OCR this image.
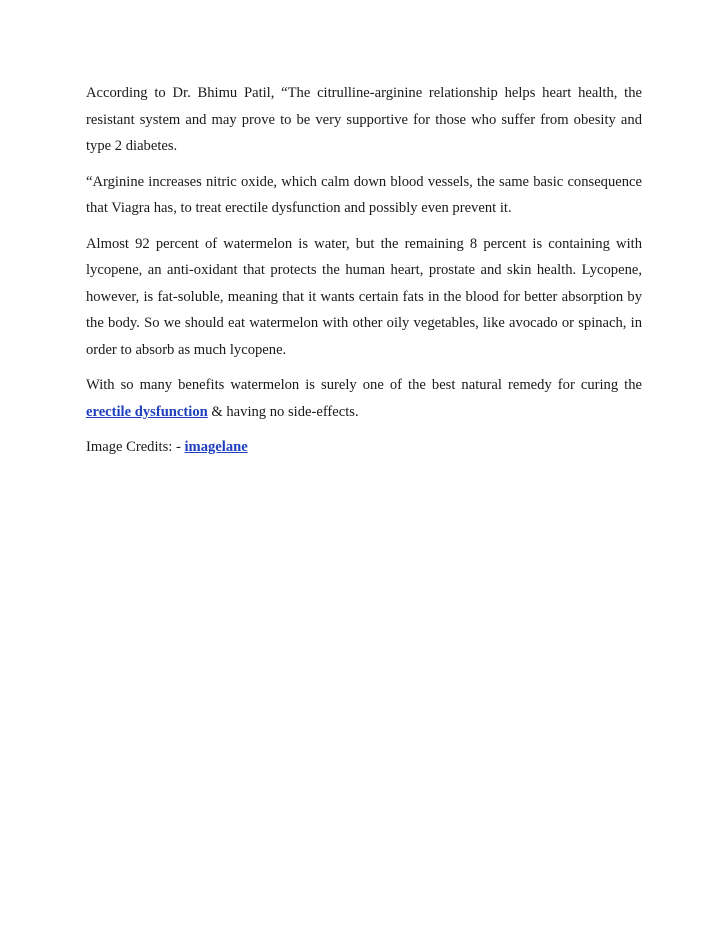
According to Dr. Bhimu Patil, “The citrulline-arginine relationship helps heart health, the resistant system and may prove to be very supportive for those who suffer from obesity and type 2 diabetes.

“Arginine increases nitric oxide, which calm down blood vessels, the same basic consequence that Viagra has, to treat erectile dysfunction and possibly even prevent it.

Almost 92 percent of watermelon is water, but the remaining 8 percent is containing with lycopene, an anti-oxidant that protects the human heart, prostate and skin health. Lycopene, however, is fat-soluble, meaning that it wants certain fats in the blood for better absorption by the body. So we should eat watermelon with other oily vegetables, like avocado or spinach, in order to absorb as much lycopene.

With so many benefits watermelon is surely one of the best natural remedy for curing the erectile dysfunction & having no side-effects.

Image Credits: - imagelane
